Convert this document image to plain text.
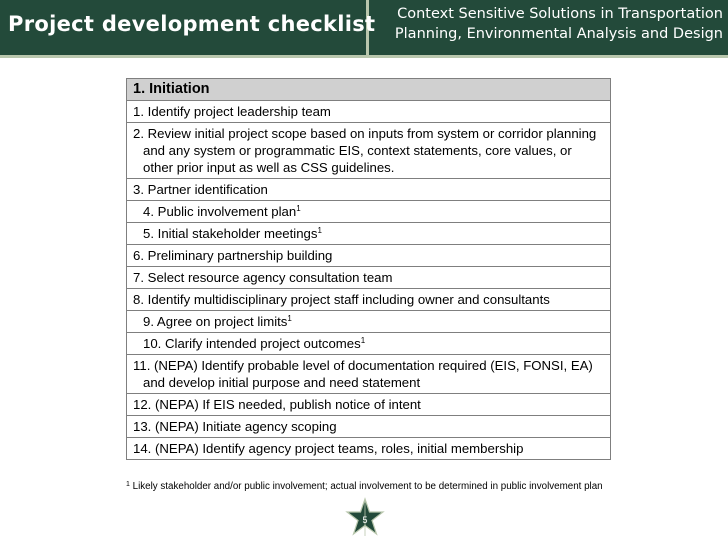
Project development checklist	Context Sensitive Solutions in Transportation
Planning, Environmental Analysis and Design
1. Initiation

1. Identify project leadership team

2. Review initial project scope based on inputs from system or corridor planning and any system or programmatic EIS, context statements, core values, or other prior input as well as CSS guidelines.

3. Partner identification

4. Public involvement plan$^1$
5. Initial stakeholder meetings$^1$

6. Preliminary partnership building

7. Select resource agency consultation team

8. Identify multidisciplinary project staff including owner and consultants

9. Agree on project limits$^1$
10. Clarify intended project outcomes$^1$

11. (NEPA) Identify probable level of documentation required (EIS, FONSI, EA) and develop initial purpose and need statement

12. (NEPA) If EIS needed, publish notice of intent

13. (NEPA) Initiate agency scoping

14. (NEPA) Identify agency project teams, roles, initial membership
$^1$ Likely stakeholder and/or public involvement; actual involvement to be determined in public involvement plan
5
